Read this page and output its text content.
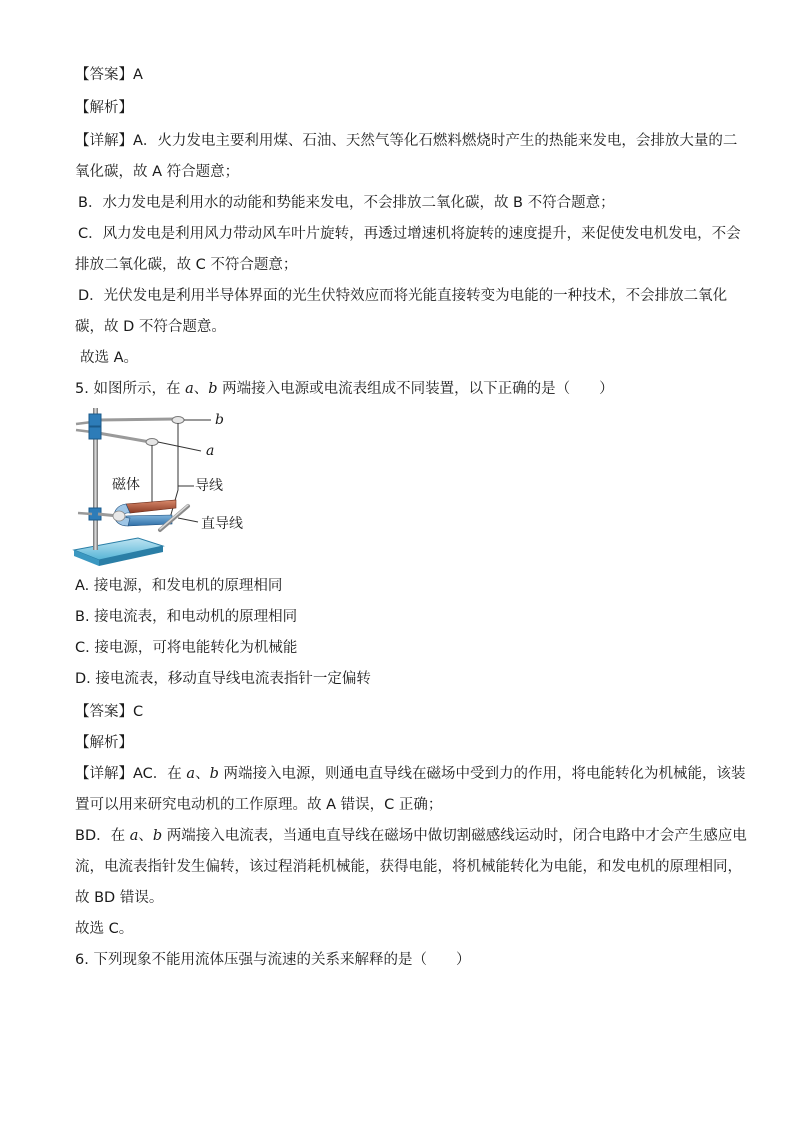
【答案】A
【解析】
【详解】A．火力发电主要利用煤、石油、天然气等化石燃料燃烧时产生的热能来发电，会排放大量的二
氧化碳，故 A 符合题意；
B．水力发电是利用水的动能和势能来发电，不会排放二氧化碳，故 B 不符合题意；
C．风力发电是利用风力带动风车叶片旋转，再透过增速机将旋转的速度提升，来促使发电机发电，不会
排放二氧化碳，故 C 不符合题意；
D．光伏发电是利用半导体界面的光生伏特效应而将光能直接转变为电能的一种技术，不会排放二氧化
碳，故 D 不符合题意。
故选 A。
5. 如图所示，在 a、b 两端接入电源或电流表组成不同装置，以下正确的是（　　）
b
a
导线
磁体
直导线
A. 接电源，和发电机的原理相同
B. 接电流表，和电动机的原理相同
C. 接电源，可将电能转化为机械能
D. 接电流表，移动直导线电流表指针一定偏转
【答案】C
【解析】
【详解】AC．在 a、b 两端接入电源，则通电直导线在磁场中受到力的作用，将电能转化为机械能，该装
置可以用来研究电动机的工作原理。故 A 错误，C 正确；
BD．在 a、b 两端接入电流表，当通电直导线在磁场中做切割磁感线运动时，闭合电路中才会产生感应电
流，电流表指针发生偏转，该过程消耗机械能，获得电能，将机械能转化为电能，和发电机的原理相同，
故 BD 错误。
故选 C。
6. 下列现象不能用流体压强与流速的关系来解释的是（　　）
